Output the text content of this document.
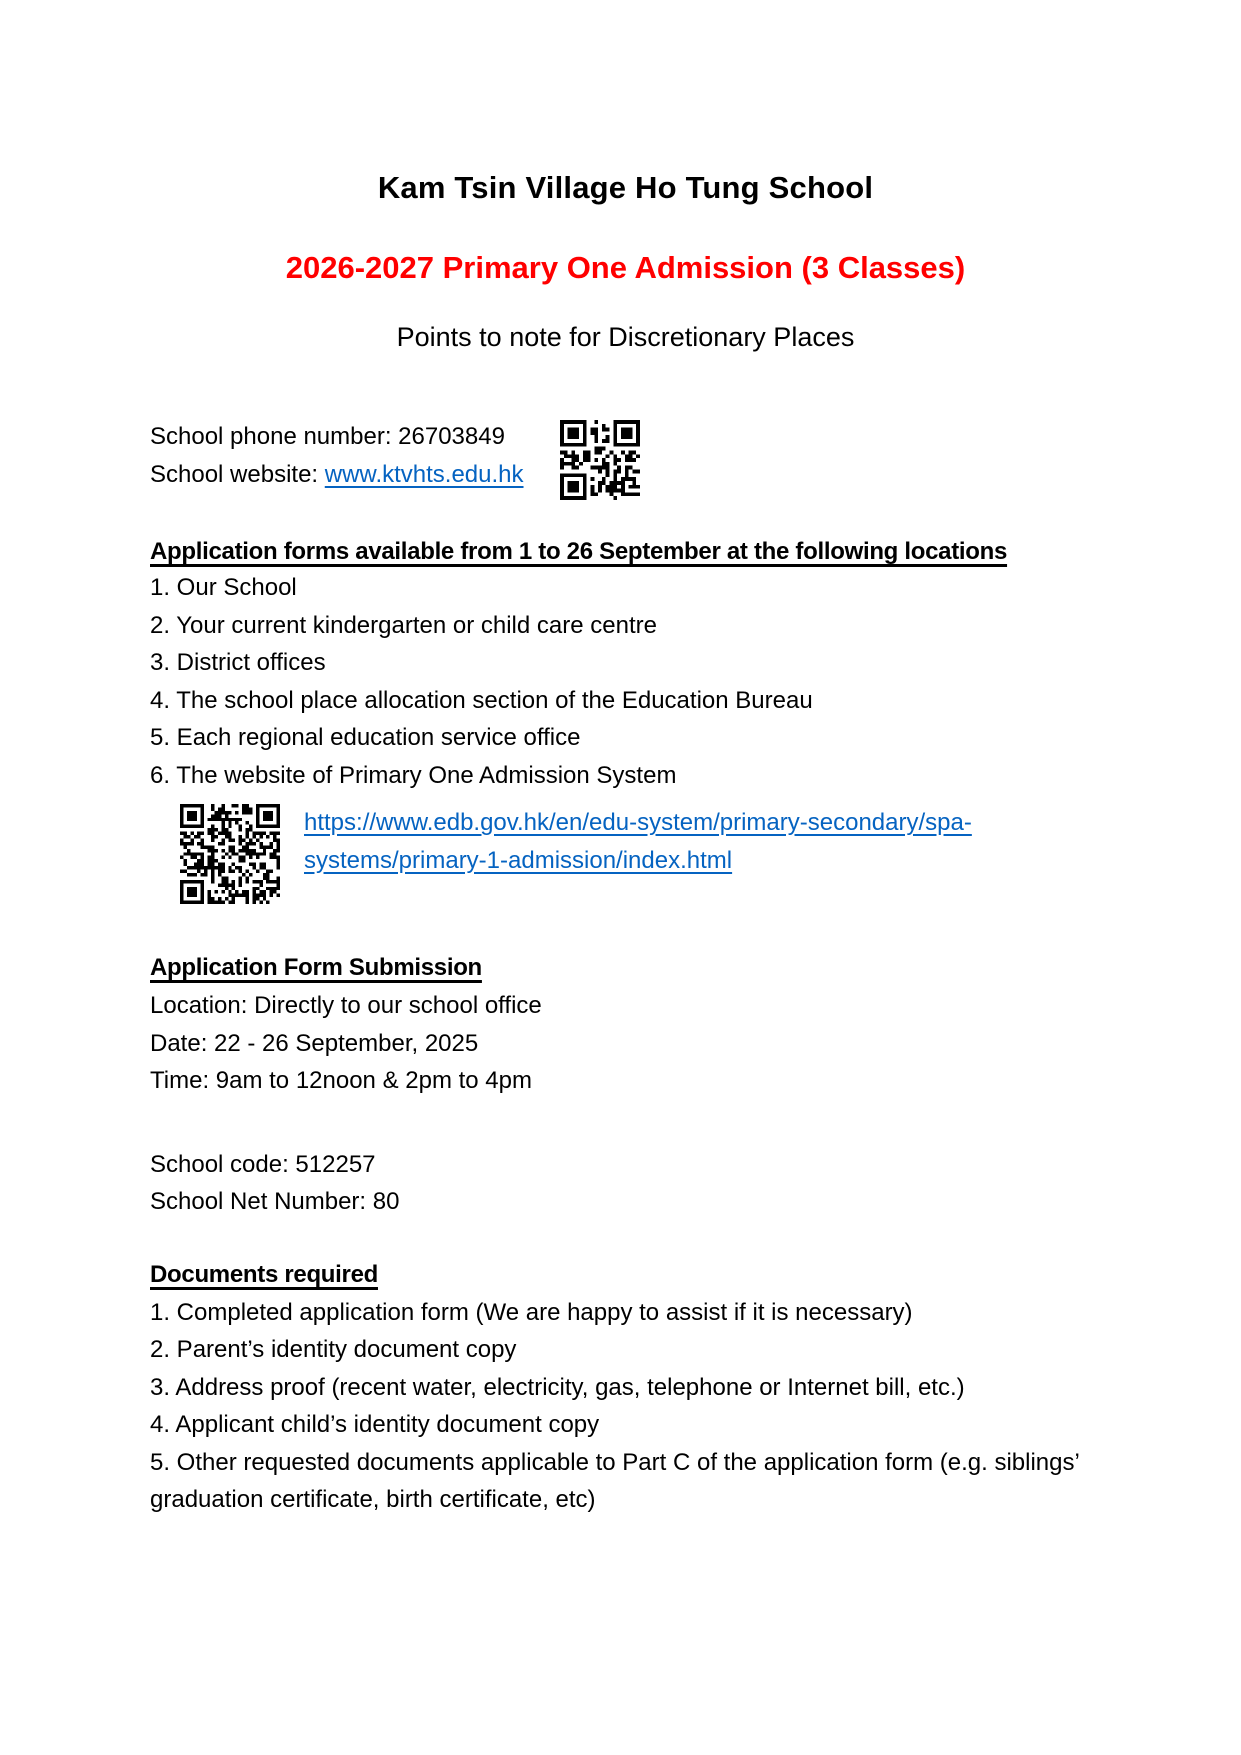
Kam Tsin Village Ho Tung School
2026-2027 Primary One Admission (3 Classes)

Points to note for Discretionary Places

School phone number: 26703849

School website: www.ktvhts.edu.hk

Application forms available from 1 to 26 September at the following locations

1. Our School

2. Your current kindergarten or child care centre

3. District offices

4. The school place allocation section of the Education Bureau

5. Each regional education service office

6. The website of Primary One Admission System

https://www.edb.gov.hk/en/edu-system/primary-secondary/spa-
systems/primary-1-admission/index.html

Application Form Submission

Location: Directly to our school office

Date: 22 - 26 September, 2025

Time: 9am to 12noon & 2pm to 4pm

School code: 512257

School Net Number: 80

Documents required

1. Completed application form (We are happy to assist if it is necessary)

2. Parent’s identity document copy

3. Address proof (recent water, electricity, gas, telephone or Internet bill, etc.)

4. Applicant child’s identity document copy

5. Other requested documents applicable to Part C of the application form (e.g. siblings’ graduation certificate, birth certificate, etc)
